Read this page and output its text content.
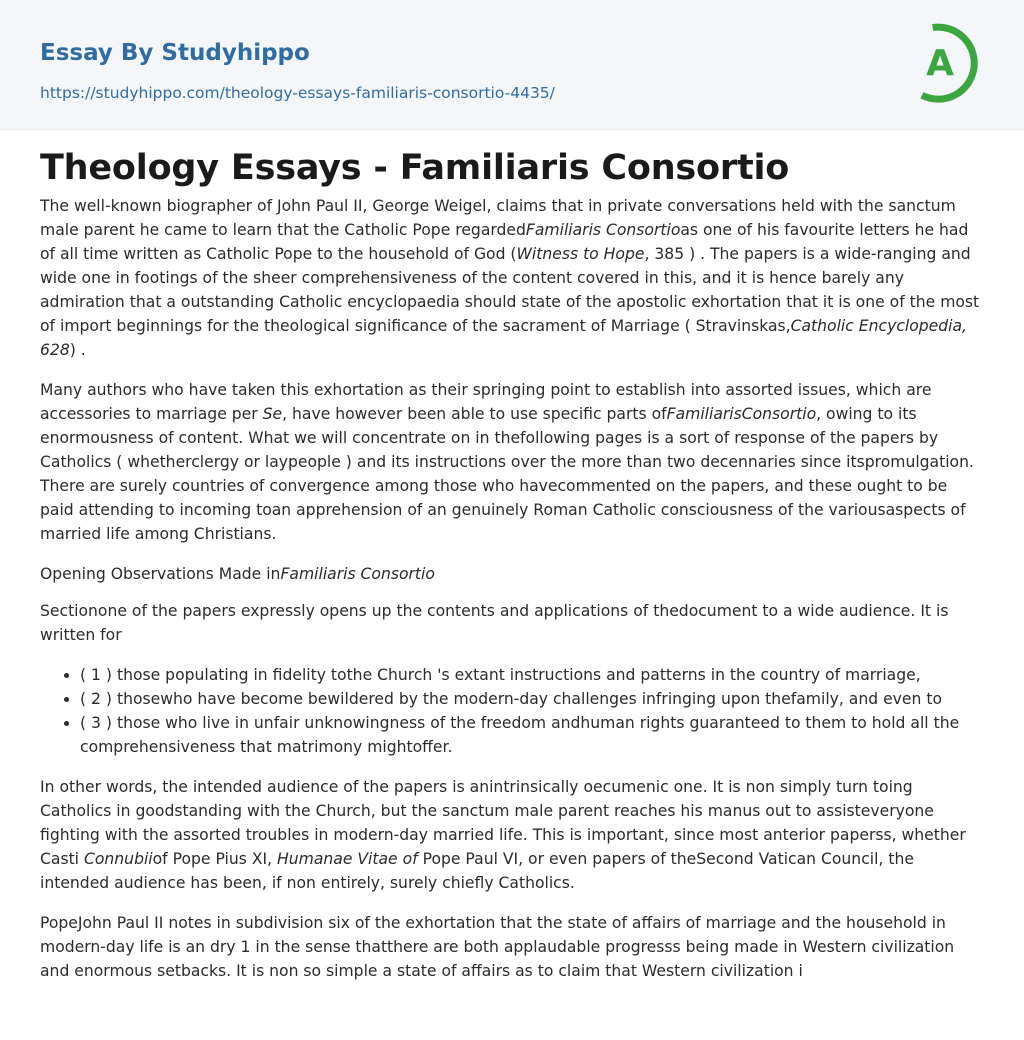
Essay By Studyhippo
https://studyhippo.com/theology-essays-familiaris-consortio-4435/
A
Theology Essays - Familiaris Consortio

The well-known biographer of John Paul II, George Weigel, claims that in private conversations held with the sanctum male parent he came to learn that the Catholic Pope regardedFamiliaris Consortioas one of his favourite letters he had of all time written as Catholic Pope to the household of God (Witness to Hope, 385 ) . The papers is a wide-ranging and wide one in footings of the sheer comprehensiveness of the content covered in this, and it is hence barely any admiration that a outstanding Catholic encyclopaedia should state of the apostolic exhortation that it is one of the most of import beginnings for the theological significance of the sacrament of Marriage ( Stravinskas,Catholic Encyclopedia, 628) .

Many authors who have taken this exhortation as their springing point to establish into assorted issues, which are accessories to marriage per Se, have however been able to use specific parts ofFamiliarisConsortio, owing to its enormousness of content. What we will concentrate on in thefollowing pages is a sort of response of the papers by Catholics ( whetherclergy or laypeople ) and its instructions over the more than two decennaries since itspromulgation. There are surely countries of convergence among those who havecommented on the papers, and these ought to be paid attending to incoming toan apprehension of an genuinely Roman Catholic consciousness of the variousaspects of married life among Christians.

Opening Observations Made inFamiliaris Consortio

Sectionone of the papers expressly opens up the contents and applications of thedocument to a wide audience. It is written for

• ( 1 ) those populating in fidelity tothe Church 's extant instructions and patterns in the country of marriage,
• ( 2 ) thosewho have become bewildered by the modern-day challenges infringing upon thefamily, and even to
• ( 3 ) those who live in unfair unknowingness of the freedom andhuman rights guaranteed to them to hold all the comprehensiveness that matrimony mightoffer.

In other words, the intended audience of the papers is anintrinsically oecumenic one. It is non simply turn toing Catholics in goodstanding with the Church, but the sanctum male parent reaches his manus out to assisteveryone fighting with the assorted troubles in modern-day married life. This is important, since most anterior paperss, whether Casti Connubiiof Pope Pius XI, Humanae Vitae of Pope Paul VI, or even papers of theSecond Vatican Council, the intended audience has been, if non entirely, surely chiefly Catholics.

PopeJohn Paul II notes in subdivision six of the exhortation that the state of affairs of marriage and the household in modern-day life is an dry 1 in the sense thatthere are both applaudable progresss being made in Western civilization and enormous setbacks. It is non so simple a state of affairs as to claim that Western civilization i
